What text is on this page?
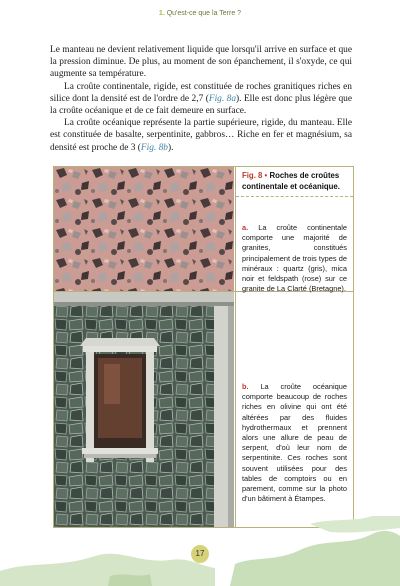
1. Qu'est-ce que la Terre ?

Le manteau ne devient relativement liquide que lorsqu'il arrive en surface et que la pression diminue. De plus, au moment de son épanchement, il s'oxyde, ce qui augmente sa température.

La croûte continentale, rigide, est constituée de roches granitiques riches en silice dont la densité est de l'ordre de 2,7 (Fig. 8a). Elle est donc plus légère que la croûte océanique et de ce fait demeure en surface.

La croûte océanique représente la partie supérieure, rigide, du manteau. Elle est constituée de basalte, serpentinite, gabbros… Riche en fer et magnésium, sa densité est proche de 3 (Fig. 8b).

Fig. 8 • Roches de croûtes continentale et océanique.
a. La croûte continentale comporte une majorité de granites, constitués principalement de trois types de minéraux : quartz (gris), mica noir et feldspath (rose) sur ce granite de La Clarté (Bretagne).
b. La croûte océanique comporte beaucoup de roches riches en olivine qui ont été altérées par des fluides hydrothermaux et prennent alors une allure de peau de serpent, d'où leur nom de serpentinite. Ces roches sont souvent utilisées pour des tables de comptoirs ou en parement, comme sur la photo d'un bâtiment à Étampes.
17
